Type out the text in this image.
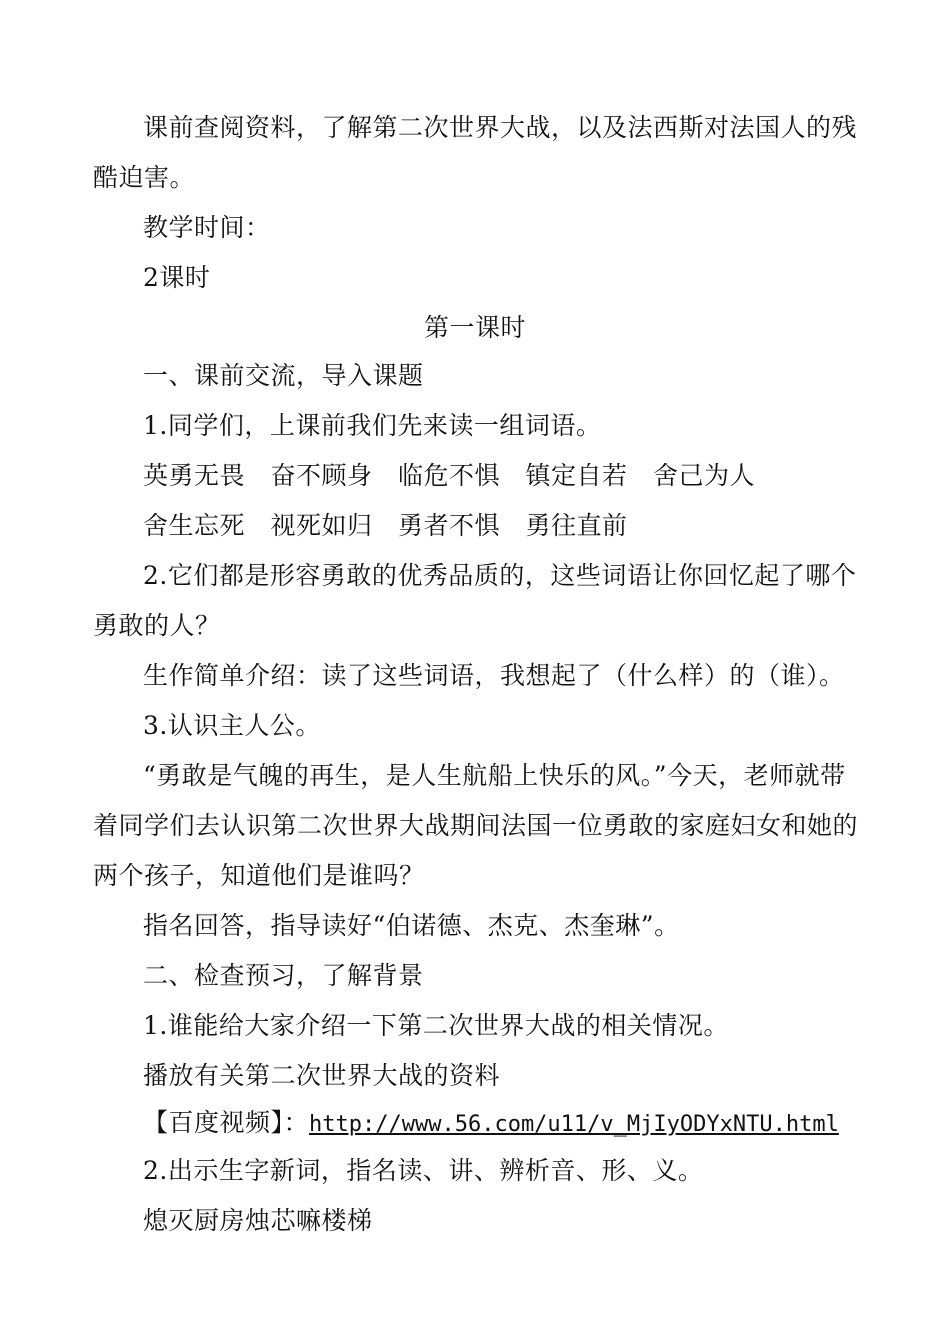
课前查阅资料，了解第二次世界大战，以及法西斯对法国人的残
酷迫害。
教学时间：
2课时
第一课时
一、课前交流，导入课题
1.同学们，上课前我们先来读一组词语。
英勇无畏　奋不顾身　临危不惧　镇定自若　舍己为人
舍生忘死　视死如归　勇者不惧　勇往直前
2.它们都是形容勇敢的优秀品质的，这些词语让你回忆起了哪个
勇敢的人？
生作简单介绍：读了这些词语，我想起了（什么样）的（谁）。
3.认识主人公。
“勇敢是气魄的再生，是人生航船上快乐的风。”今天，老师就带
着同学们去认识第二次世界大战期间法国一位勇敢的家庭妇女和她的
两个孩子，知道他们是谁吗？
指名回答，指导读好“伯诺德、杰克、杰奎琳”。
二、检查预习，了解背景
1.谁能给大家介绍一下第二次世界大战的相关情况。
播放有关第二次世界大战的资料
【百度视频】：http://www.56.com/u11/v_MjIyODYxNTU.html
2.出示生字新词，指名读、讲、辨析音、形、义。
熄灭厨房烛芯嘛楼梯
